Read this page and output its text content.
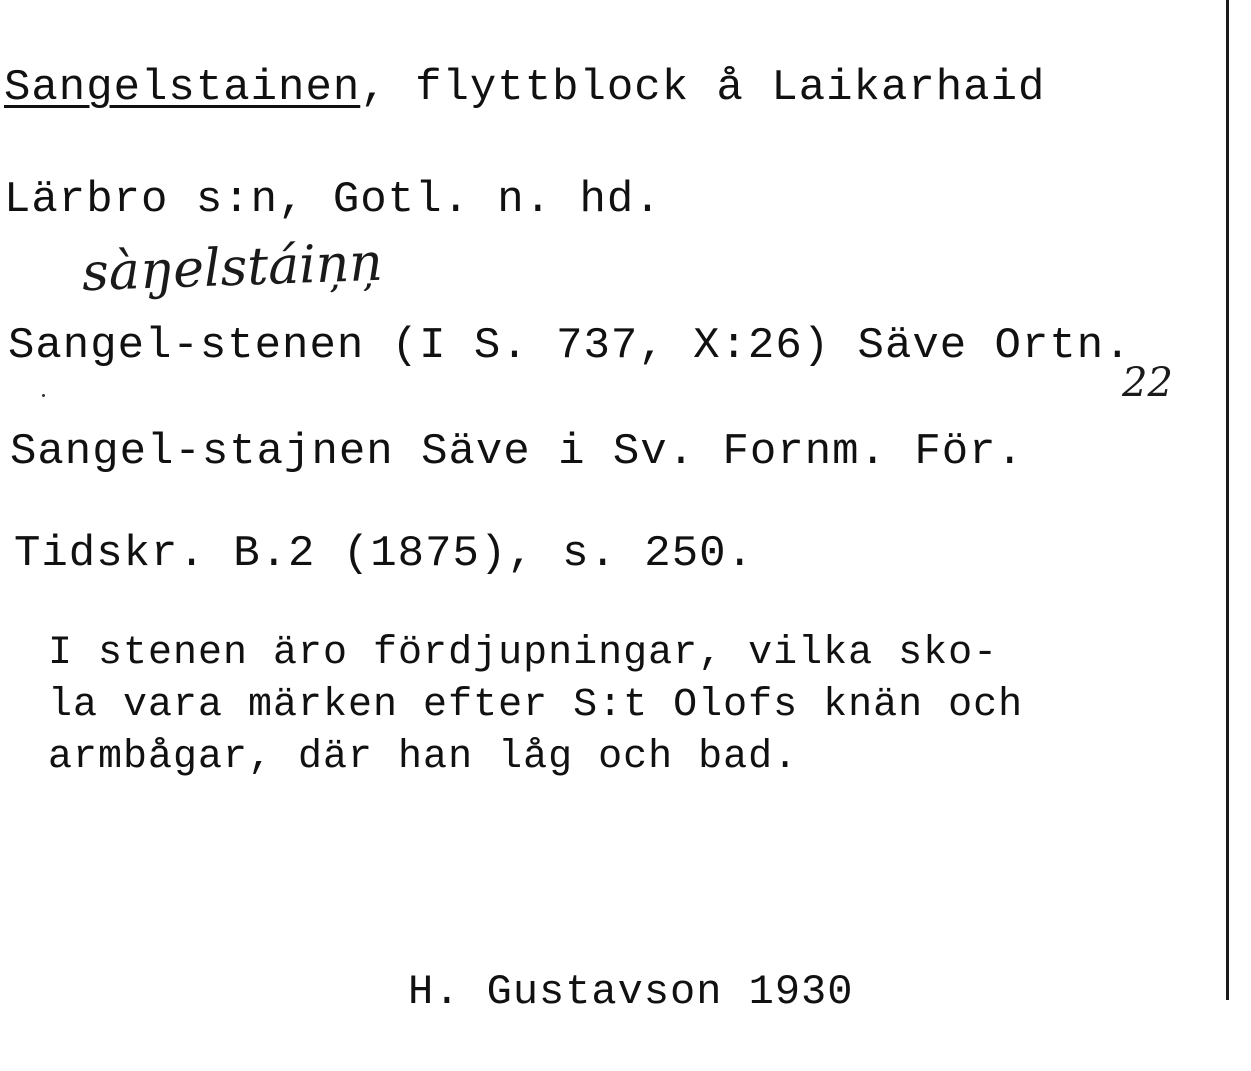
Sangelstainen, flyttblock å Laikarhaid
Lärbro s:n, Gotl. n. hd.
sàŋelstáiņņ
Sangel-stenen (I S. 737, X:26) Säve Ortn.
22
Sangel-stajnen Säve i Sv. Fornm. För.
Tidskr. B.2 (1875), s. 250.
I stenen äro fördjupningar, vilka sko-
la vara märken efter S:t Olofs knän och
armbågar, där han låg och bad.
H. Gustavson 1930
